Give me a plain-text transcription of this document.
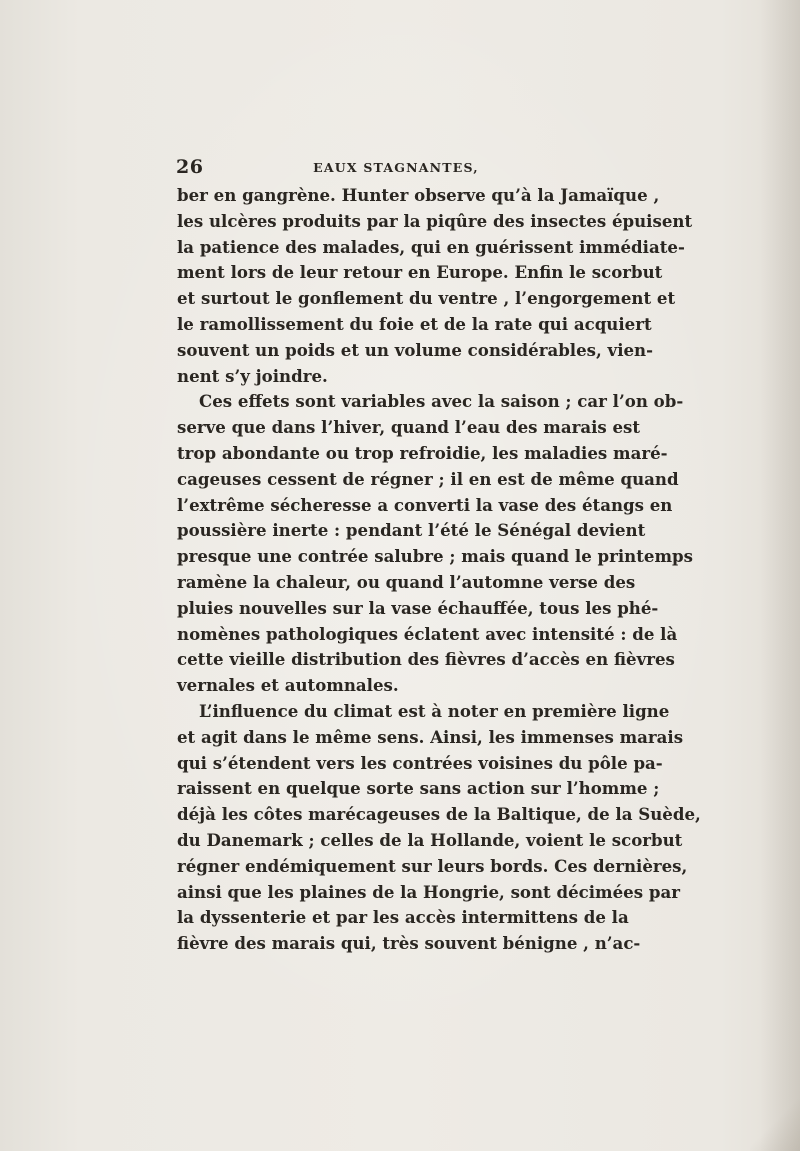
26	EAUX STAGNANTES,
ber en gangrène. Hunter observe qu’à la Jamaïque ,
les ulcères produits par la piqûre des insectes épuisent
la patience des malades, qui en guérissent immédiate-
ment lors de leur retour en Europe. Enfin le scorbut
et surtout le gonflement du ventre , l’engorgement et
le ramollissement du foie et de la rate qui acquiert
souvent un poids et un volume considérables, vien-
nent s’y joindre.
Ces effets sont variables avec la saison ; car l’on ob-
serve que dans l’hiver, quand l’eau des marais est
trop abondante ou trop refroidie, les maladies maré-
cageuses cessent de régner ; il en est de même quand
l’extrême sécheresse a converti la vase des étangs en
poussière inerte : pendant l’été le Sénégal devient
presque une contrée salubre ; mais quand le printemps
ramène la chaleur, ou quand l’automne verse des
pluies nouvelles sur la vase échauffée, tous les phé-
nomènes pathologiques éclatent avec intensité : de là
cette vieille distribution des fièvres d’accès en fièvres
vernales et automnales.
L’influence du climat est à noter en première ligne
et agit dans le même sens. Ainsi, les immenses marais
qui s’étendent vers les contrées voisines du pôle pa-
raissent en quelque sorte sans action sur l’homme ;
déjà les côtes marécageuses de la Baltique, de la Suède,
du Danemark ; celles de la Hollande, voient le scorbut
régner endémiquement sur leurs bords. Ces dernières,
ainsi que les plaines de la Hongrie, sont décimées par
la dyssenterie et par les accès intermittens de la
fièvre des marais qui, très souvent bénigne , n’ac-
